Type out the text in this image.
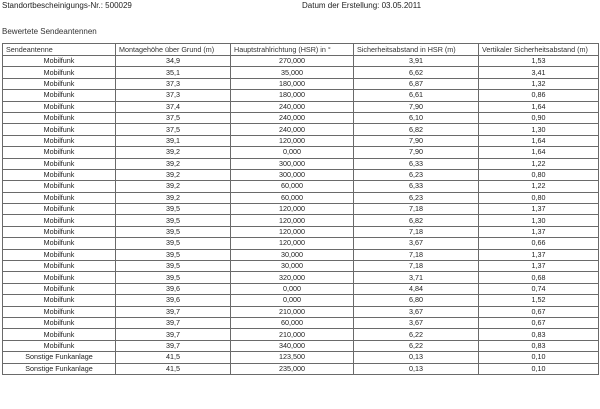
Standortbescheinigungs-Nr.: 500029	Datum der Erstellung: 03.05.2011
Bewertete Sendeantennen
Sendeantenne	Montagehöhe über Grund (m)	Hauptstrahlrichtung (HSR) in °	Sicherheitsabstand in HSR (m)	Vertikaler Sicherheitsabstand (m)
Mobilfunk	34,9	270,000	3,91	1,53
Mobilfunk	35,1	35,000	6,62	3,41
Mobilfunk	37,3	180,000	6,87	1,32
Mobilfunk	37,3	180,000	6,61	0,86
Mobilfunk	37,4	240,000	7,90	1,64
Mobilfunk	37,5	240,000	6,10	0,90
Mobilfunk	37,5	240,000	6,82	1,30
Mobilfunk	39,1	120,000	7,90	1,64
Mobilfunk	39,2	0,000	7,90	1,64
Mobilfunk	39,2	300,000	6,33	1,22
Mobilfunk	39,2	300,000	6,23	0,80
Mobilfunk	39,2	60,000	6,33	1,22
Mobilfunk	39,2	60,000	6,23	0,80
Mobilfunk	39,5	120,000	7,18	1,37
Mobilfunk	39,5	120,000	6,82	1,30
Mobilfunk	39,5	120,000	7,18	1,37
Mobilfunk	39,5	120,000	3,67	0,66
Mobilfunk	39,5	30,000	7,18	1,37
Mobilfunk	39,5	30,000	7,18	1,37
Mobilfunk	39,5	320,000	3,71	0,68
Mobilfunk	39,6	0,000	4,84	0,74
Mobilfunk	39,6	0,000	6,80	1,52
Mobilfunk	39,7	210,000	3,67	0,67
Mobilfunk	39,7	60,000	3,67	0,67
Mobilfunk	39,7	210,000	6,22	0,83
Mobilfunk	39,7	340,000	6,22	0,83
Sonstige Funkanlage	41,5	123,500	0,13	0,10
Sonstige Funkanlage	41,5	235,000	0,13	0,10
